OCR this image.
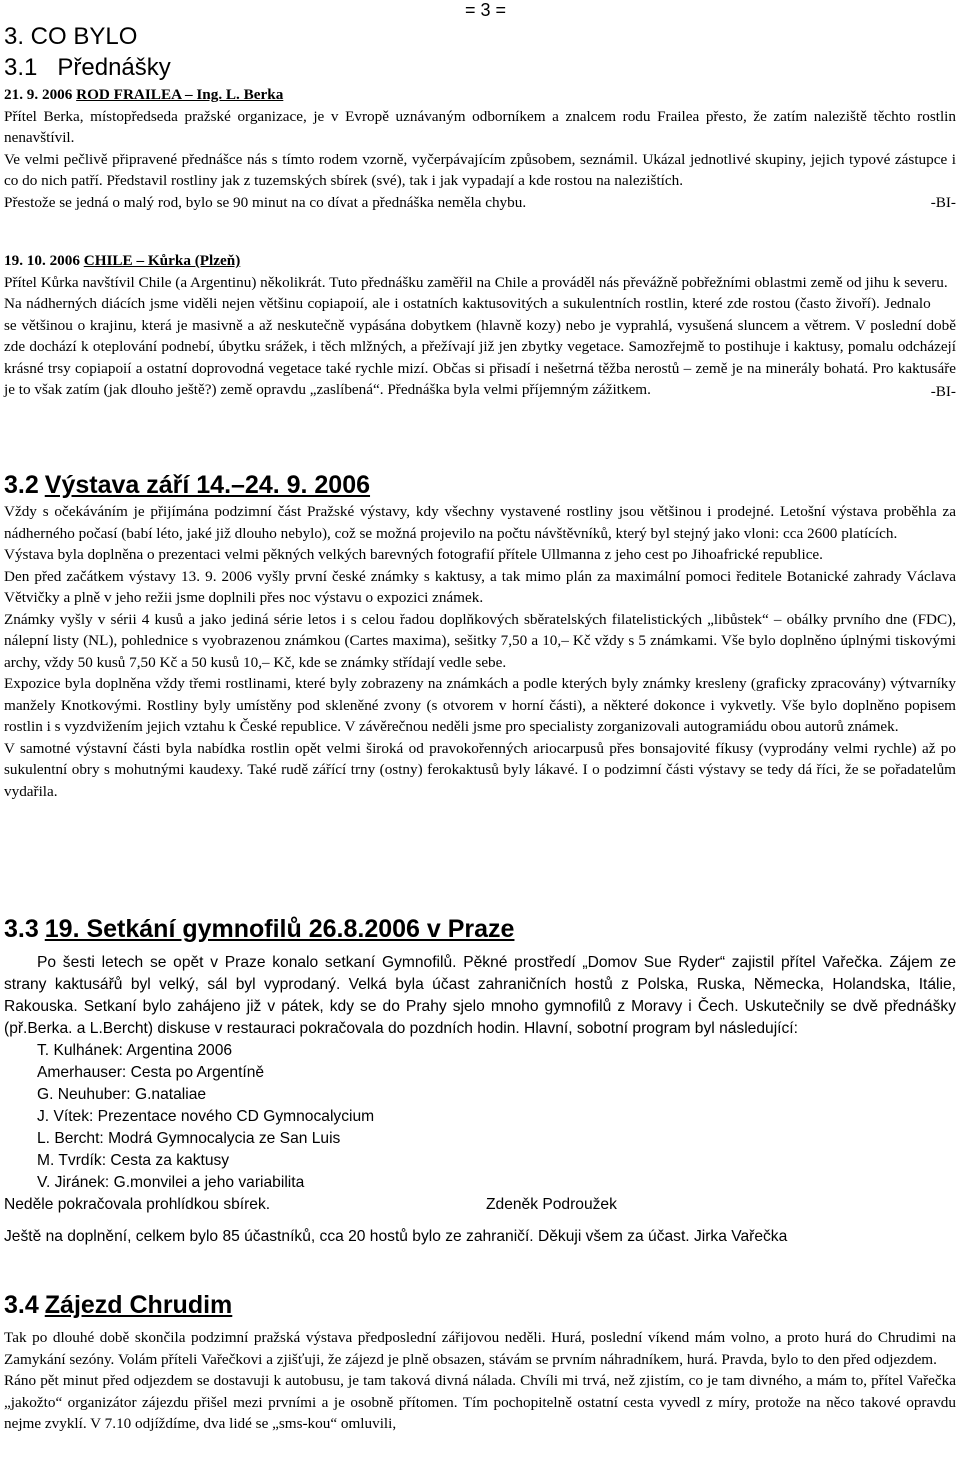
= 3 =
3. CO BYLO
3.1 Přednášky

21. 9. 2006 ROD FRAILEA – Ing. L. Berka

Přítel Berka, místopředseda pražské organizace, je v Evropě uznávaným odborníkem a znalcem rodu Frailea přesto, že zatím naleziště těchto rostlin nenavštívil.

Ve velmi pečlivě připravené přednášce nás s tímto rodem vzorně, vyčerpávajícím způsobem, seznámil. Ukázal jednotlivé skupiny, jejich typové zástupce i co do nich patří. Představil rostliny jak z tuzemských sbírek (své), tak i jak vypadají a kde rostou na nalezištích.

-BI-
Přestože se jedná o malý rod, bylo se 90 minut na co dívat a přednáška neměla chybu.

19. 10. 2006 CHILE – Kůrka (Plzeň)

Přítel Kůrka navštívil Chile (a Argentinu) několikrát. Tuto přednášku zaměřil na Chile a prováděl nás převážně pobřežními oblastmi země od jihu k severu.

-BI-
Na nádherných diácích jsme viděli nejen většinu copiapoií, ale i ostatních kaktusovitých a sukulentních rostlin, které zde rostou (často živoří). Jednalo se většinou o krajinu, která je masivně a až neskutečně vypásána dobytkem (hlavně kozy) nebo je vyprahlá, vysušená sluncem a větrem. V poslední době zde dochází k oteplování podnebí, úbytku srážek, i těch mlžných, a přežívají již jen zbytky vegetace. Samozřejmě to postihuje i kaktusy, pomalu odcházejí krásné trsy copiapoií a ostatní doprovodná vegetace také rychle mizí. Občas si přisadí i nešetrná těžba nerostů – země je na minerály bohatá. Pro kaktusáře je to však zatím (jak dlouho ještě?) země opravdu „zaslíbená“. Přednáška byla velmi příjemným zážitkem.

3.2 Výstava září 14.–24. 9. 2006

Vždy s očekáváním je přijímána podzimní část Pražské výstavy, kdy všechny vystavené rostliny jsou většinou i prodejné. Letošní výstava proběhla za nádherného počasí (babí léto, jaké již dlouho nebylo), což se možná projevilo na počtu návštěvníků, který byl stejný jako vloni: cca 2600 platících.

Výstava byla doplněna o prezentaci velmi pěkných velkých barevných fotografií přítele Ullmanna z jeho cest po Jihoafrické republice.

Den před začátkem výstavy 13. 9. 2006 vyšly první české známky s kaktusy, a tak mimo plán za maximální pomoci ředitele Botanické zahrady Václava Větvičky a plně v jeho režii jsme doplnili přes noc výstavu o expozici známek.

Známky vyšly v sérii 4 kusů a jako jediná série letos i s celou řadou doplňkových sběratelských filatelistických „libůstek“ – obálky prvního dne (FDC), nálepní listy (NL), pohlednice s vyobrazenou známkou (Cartes maxima), sešitky 7,50 a 10,– Kč vždy s 5 známkami. Vše bylo doplněno úplnými tiskovými archy, vždy 50 kusů 7,50 Kč a 50 kusů 10,– Kč, kde se známky střídají vedle sebe.

Expozice byla doplněna vždy třemi rostlinami, které byly zobrazeny na známkách a podle kterých byly známky kresleny (graficky zpracovány) výtvarníky manžely Knotkovými. Rostliny byly umístěny pod skleněné zvony (s otvorem v horní části), a některé dokonce i vykvetly. Vše bylo doplněno popisem rostlin i s vyzdvižením jejich vztahu k České republice. V závěrečnou neděli jsme pro specialisty zorganizovali autogramiádu obou autorů známek.

V samotné výstavní části byla nabídka rostlin opět velmi široká od pravokořenných ariocarpusů přes bonsajovité fíkusy (vyprodány velmi rychle) až po sukulentní obry s mohutnými kaudexy. Také rudě zářící trny (ostny) ferokaktusů byly lákavé. I o podzimní části výstavy se tedy dá říci, že se pořadatelům vydařila.

3.3 19. Setkání gymnofilů 26.8.2006 v Praze
Po šesti letech se opět v Praze konalo setkaní Gymnofilů. Pěkné prostředí „Domov Sue Ryder“ zajistil přítel Vařečka. Zájem ze strany kaktusářů byl velký, sál byl vyprodaný. Velká byla účast zahraničních hostů z Polska, Ruska, Německa, Holandska, Itálie, Rakouska. Setkaní bylo zahájeno již v pátek, kdy se do Prahy sjelo mnoho gymnofilů z Moravy i Čech. Uskutečnily se dvě přednášky (př.Berka. a L.Bercht) diskuse v restauraci pokračovala do pozdních hodin. Hlavní, sobotní program byl následující:
T. Kulhánek: Argentina 2006
Amerhauser: Cesta po Argentíně
G. Neuhuber: G.nataliae
J. Vítek: Prezentace nového CD Gymnocalycium
L. Bercht: Modrá Gymnocalycia ze San Luis
M. Tvrdík: Cesta za kaktusy
V. Jiránek: G.monvilei a jeho variabilita
Neděle pokračovala prohlídkou sbírek.	Zdeněk Podroužek
Ještě na doplnění, celkem bylo 85 účastníků, cca 20 hostů bylo ze zahraničí. Děkuji všem za účast. Jirka Vařečka
3.4 Zájezd Chrudim

Tak po dlouhé době skončila podzimní pražská výstava předposlední zářijovou neděli. Hurá, poslední víkend mám volno, a proto hurá do Chrudimi na Zamykání sezóny. Volám příteli Vařečkovi a zjišťuji, že zájezd je plně obsazen, stávám se prvním náhradníkem, hurá. Pravda, bylo to den před odjezdem.

Ráno pět minut před odjezdem se dostavuji k autobusu, je tam taková divná nálada. Chvíli mi trvá, než zjistím, co je tam divného, a mám to, přítel Vařečka „jakožto“ organizátor zájezdu přišel mezi prvními a je osobně přítomen. Tím pochopitelně ostatní cesta vyvedl z míry, protože na něco takové opravdu nejme zvyklí. V 7.10 odjíždíme, dva lidé se „sms-kou“ omluvili,
